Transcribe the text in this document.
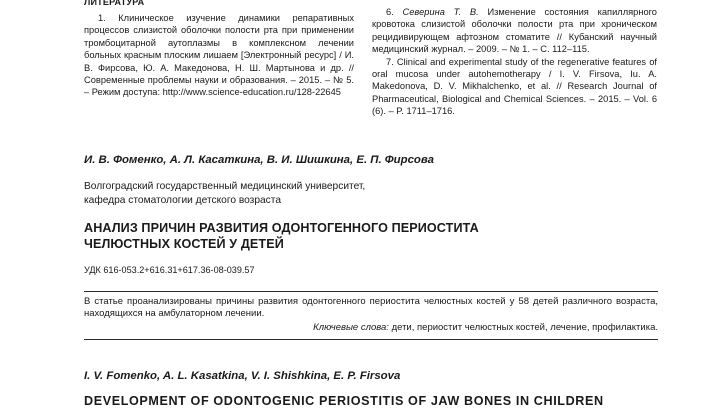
ЛИТЕРАТУРА

1. Клиническое изучение динамики репаративных процессов слизистой оболочки полости рта при применении тромбоцитарной аутоплазмы в комплексном лечении больных красным плоским лишаем [Электронный ресурс] / И. В. Фирсова, Ю. А. Македонова, Н. Ш. Мартынова и др. // Современные проблемы науки и образования. – 2015. – № 5. – Режим доступа: http://www.science-education.ru/128-22645

6. Северина Т. В. Изменение состояния капиллярного кровотока слизистой оболочки полости рта при хроническом рецидивирующем афтозном стоматите // Кубанский научный медицинский журнал. – 2009. – № 1. – С. 112–115.

7. Clinical and experimental study of the regenerative features of oral mucosa under autohemotherapy / I. V. Firsova, Iu. A. Makedonova, D. V. Mikhalchenko, et al. // Research Journal of Pharmaceutical, Biological and Chemical Sciences. – 2015. – Vol. 6 (6). – P. 1711–1716.

И. В. Фоменко, А. Л. Касаткина, В. И. Шишкина, Е. П. Фирсова
Волгоградский государственный медицинский университет,
кафедра стоматологии детского возраста
АНАЛИЗ ПРИЧИН РАЗВИТИЯ ОДОНТОГЕННОГО ПЕРИОСТИТА
ЧЕЛЮСТНЫХ КОСТЕЙ У ДЕТЕЙ
УДК 616-053.2+616.31+617.36-08-039.57
В статье проанализированы причины развития одонтогенного периостита челюстных костей у 58 детей различного возраста, находящихся на амбулаторном лечении.
Ключевые слова: дети, периостит челюстных костей, лечение, профилактика.
I. V. Fomenko, A. L. Kasatkina, V. I. Shishkina, E. P. Firsova
DEVELOPMENT OF ODONTOGENIC PERIOSTITIS OF JAW BONES IN CHILDREN
